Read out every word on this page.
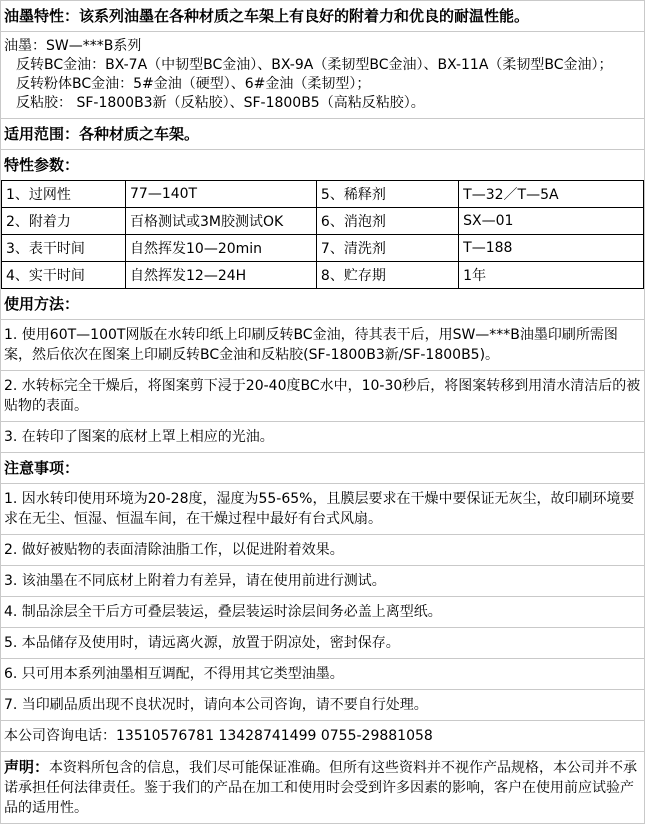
油墨特性：该系列油墨在各种材质之车架上有良好的附着力和优良的耐温性能。
油墨：SW—***B系列
反转BC金油：BX-7A（中韧型BC金油）、BX-9A（柔韧型BC金油）、BX-11A（柔韧型BC金油）；
反转粉体BC金油：5#金油（硬型）、6#金油（柔韧型）；
反粘胶： SF-1800B3新（反粘胶）、SF-1800B5（高粘反粘胶）。
适用范围：各种材质之车架。
特性参数：
1、过网性	77—140T	5、稀释剂	T—32／T—5A
2、附着力	百格测试或3M胶测试OK	6、消泡剂	SX—01
3、表干时间	自然挥发10—20min	7、清洗剂	T—188
4、实干时间	自然挥发12—24H	8、贮存期	1年
使用方法：
1. 使用60T—100T网版在水转印纸上印刷反转BC金油，待其表干后，用SW—***B油墨印刷所需图案，然后依次在图案上印刷反转BC金油和反粘胶(SF-1800B3新/SF-1800B5)。
2. 水转标完全干燥后，将图案剪下浸于20-40度BC水中，10-30秒后，将图案转移到用清水清洁后的被贴物的表面。
3. 在转印了图案的底材上罩上相应的光油。
注意事项：
1. 因水转印使用环境为20-28度，湿度为55-65%，且膜层要求在干燥中要保证无灰尘，故印刷环境要求在无尘、恒湿、恒温车间，在干燥过程中最好有台式风扇。
2. 做好被贴物的表面清除油脂工作，以促进附着效果。
3. 该油墨在不同底材上附着力有差异，请在使用前进行测试。
4. 制品涂层全干后方可叠层装运，叠层装运时涂层间务必盖上离型纸。
5. 本品储存及使用时，请远离火源，放置于阴凉处，密封保存。
6. 只可用本系列油墨相互调配，不得用其它类型油墨。
7. 当印刷品质出现不良状况时，请向本公司咨询，请不要自行处理。
本公司咨询电话：13510576781 13428741499 0755-29881058
声明：本资料所包含的信息，我们尽可能保证准确。但所有这些资料并不视作产品规格，本公司并不承诺承担任何法律责任。鉴于我们的产品在加工和使用时会受到许多因素的影响，客户在使用前应试验产品的适用性。
